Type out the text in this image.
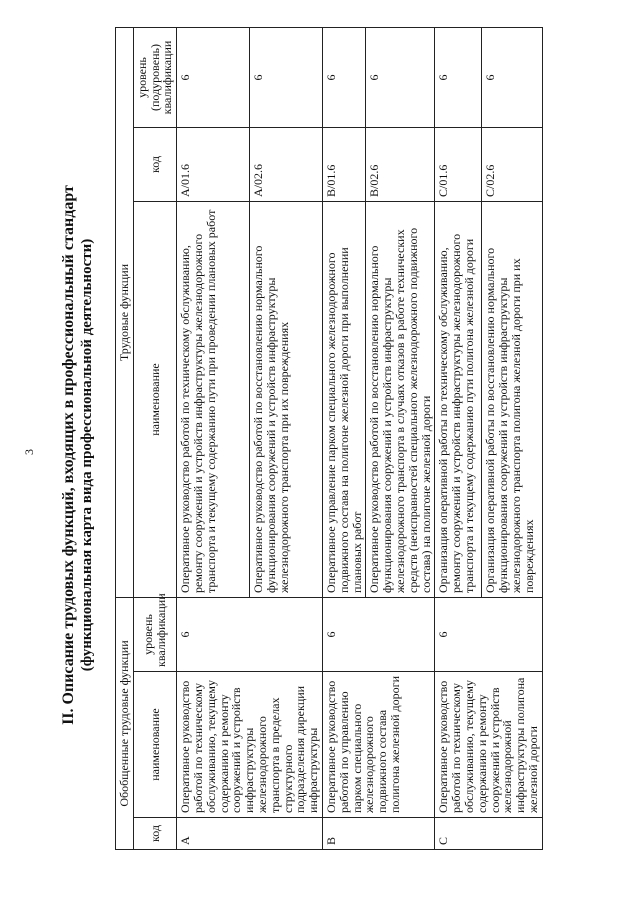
3 II. Описание трудовых функций, входящих в профессиональный стандарт (функциональная карта вида профессиональной деятельности)
Обобщенные трудовые функции			Трудовые функции		
код	наименование	уровень квалификации	наименование	код	уровень (подуровень) квалификации
A	Оперативное руководство работой по техническому обслуживанию, текущему содержанию и ремонту сооружений и устройств инфраструктуры железнодорожного транспорта в пределах структурного подразделения дирекции инфраструктуры	6	Оперативное руководство работой по техническому обслуживанию, ремонту сооружений и устройств инфраструктуры железнодорожного транспорта и текущему содержанию пути при проведении плановых работ	A/01.6	6
			Оперативное руководство работой по восстановлению нормального функционирования сооружений и устройств инфраструктуры железнодорожного транспорта при их повреждениях	A/02.6	6
B	Оперативное руководство работой по управлению парком специального железнодорожного подвижного состава полигона железной дороги	6	Оперативное управление парком специального железнодорожного подвижного состава на полигоне железной дороги при выполнении плановых работ	B/01.6	6
			Оперативное руководство работой по восстановлению нормального функционирования сооружений и устройств инфраструктуры железнодорожного транспорта в случаях отказов в работе технических средств (неисправностей специального железнодорожного подвижного состава) на полигоне железной дороги	B/02.6	6
C	Оперативное руководство работой по техническому обслуживанию, текущему содержанию и ремонту сооружений и устройств железнодорожной инфраструктуры полигона железной дороги	6	Организация оперативной работы по техническому обслуживанию, ремонту сооружений и устройств инфраструктуры железнодорожного транспорта и текущему содержанию пути полигона железной дороги	C/01.6	6
			Организация оперативной работы по восстановлению нормального функционирования сооружений и устройств инфраструктуры железнодорожного транспорта полигона железной дороги при их повреждениях	C/02.6	6
